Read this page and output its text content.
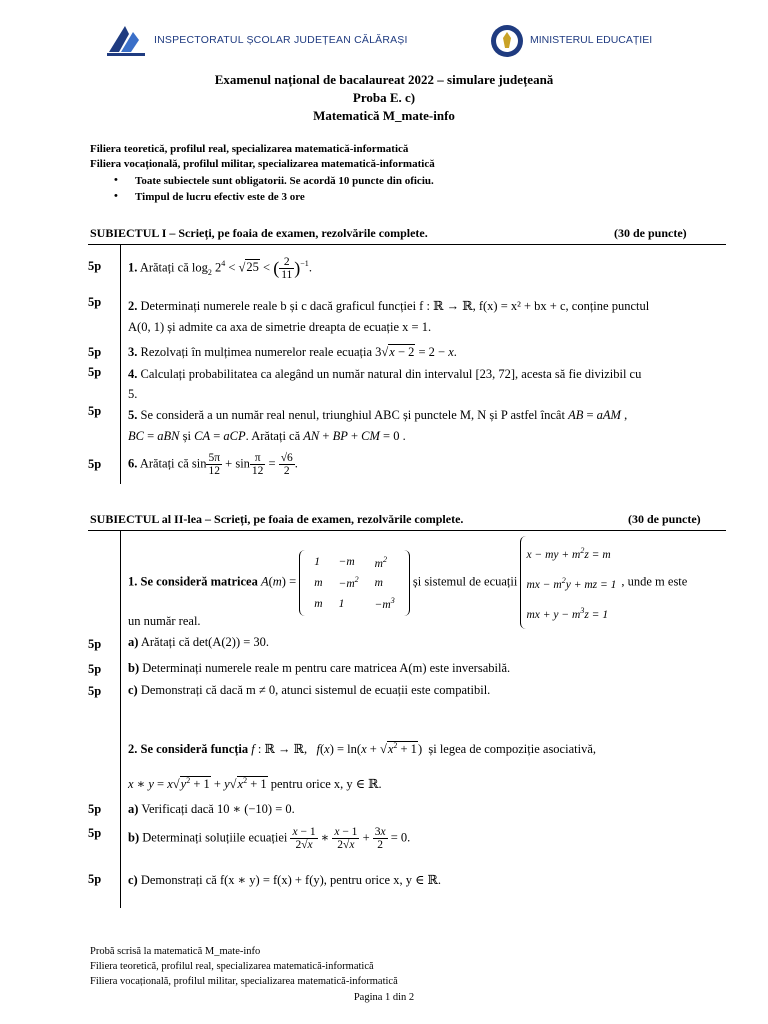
INSPECTORATUL ȘCOLAR JUDEȚEAN CĂLĂRAȘI	MINISTERUL EDUCAȚIEI
Examenul național de bacalaureat 2022 – simulare județeană
Proba E. c)
Matematică M_mate-info
Filiera teoretică, profilul real, specializarea matematică-informatică
Filiera vocațională, profilul militar, specializarea matematică-informatică
• Toate subiectele sunt obligatorii. Se acordă 10 puncte din oficiu.
• Timpul de lucru efectiv este de 3 ore
SUBIECTUL I – Scrieți, pe foaia de examen, rezolvările complete.	(30 de puncte)
5p	1. Arătați că $\log_2 2^4 < √25$ < ( $\frac{2}{11} )^{-1}$.
5p	2. Determinați numerele reale b și c dacă graficul funcției f : ℝ → ℝ, f(x) = x² + bx + c, conține punctul
A(0, 1) și admite ca axa de simetrie dreapta de ecuație x = 1.
5p	3. Rezolvați în mulțimea numerelor reale ecuația 3√x − 2 = 2 − x.
5p	4. Calculați probabilitatea ca alegând un număr natural din intervalul [23, 72], acesta să fie divizibil cu
5.
5p	5. Se consideră a un număr real nenul, triunghiul ABC și punctele M, N și P astfel încât AB = aAM ,
BC = aBN și CA = aCP. Arătați că AN + BP + CM = 0 .
5p	6. Arătați că $\sin \frac{5\pi}{12} + \sin \frac{\pi}{12} = \frac{√6}{2}$ .
SUBIECTUL al II-lea – Scrieți, pe foaia de examen, rezolvările complete.	(30 de puncte)
1. Se consideră matricea A(m) =
1	−m	$m^2$
m	$-m^2$	m
m	1	$-m^3$
și sistemul de ecuații x − my + $m^2z = m$
mx − $m^2y$ + mz = 1
mx + $y - m^3z = 1$, unde m este
un număr real.
5p	a) Arătați că det(A(2)) = 30.
5p	b) Determinați numerele reale m pentru care matricea A(m) este inversabilă.
5p	c) Demonstrați că dacă m ≠ 0, atunci sistemul de ecuații este compatibil.
2. Se consideră funcția f : ℝ → ℝ,   $f(x) = \ln(x + √x^2 + 1)$  și legea de compoziție asociativă,
x ∗ $y = x√y^2 + 1 + y√x^2 + 1$ pentru orice x, y ∈ ℝ.
5p	a) Verificați dacă 10 ∗ (−10) = 0.
5p	b) Determinați soluțiile ecuației $\frac{x - 1}{2√x}$ ∗ $\frac{x - 1}{2√x} + \frac{3x}{2} = 0$.
5p	c) Demonstrați că f(x ∗ y) = f(x) + f(y), pentru orice x, y ∈ ℝ.
Probă scrisă la matematică M_mate-info
Filiera teoretică, profilul real, specializarea matematică-informatică
Filiera vocațională, profilul militar, specializarea matematică-informatică
Pagina 1 din 2
